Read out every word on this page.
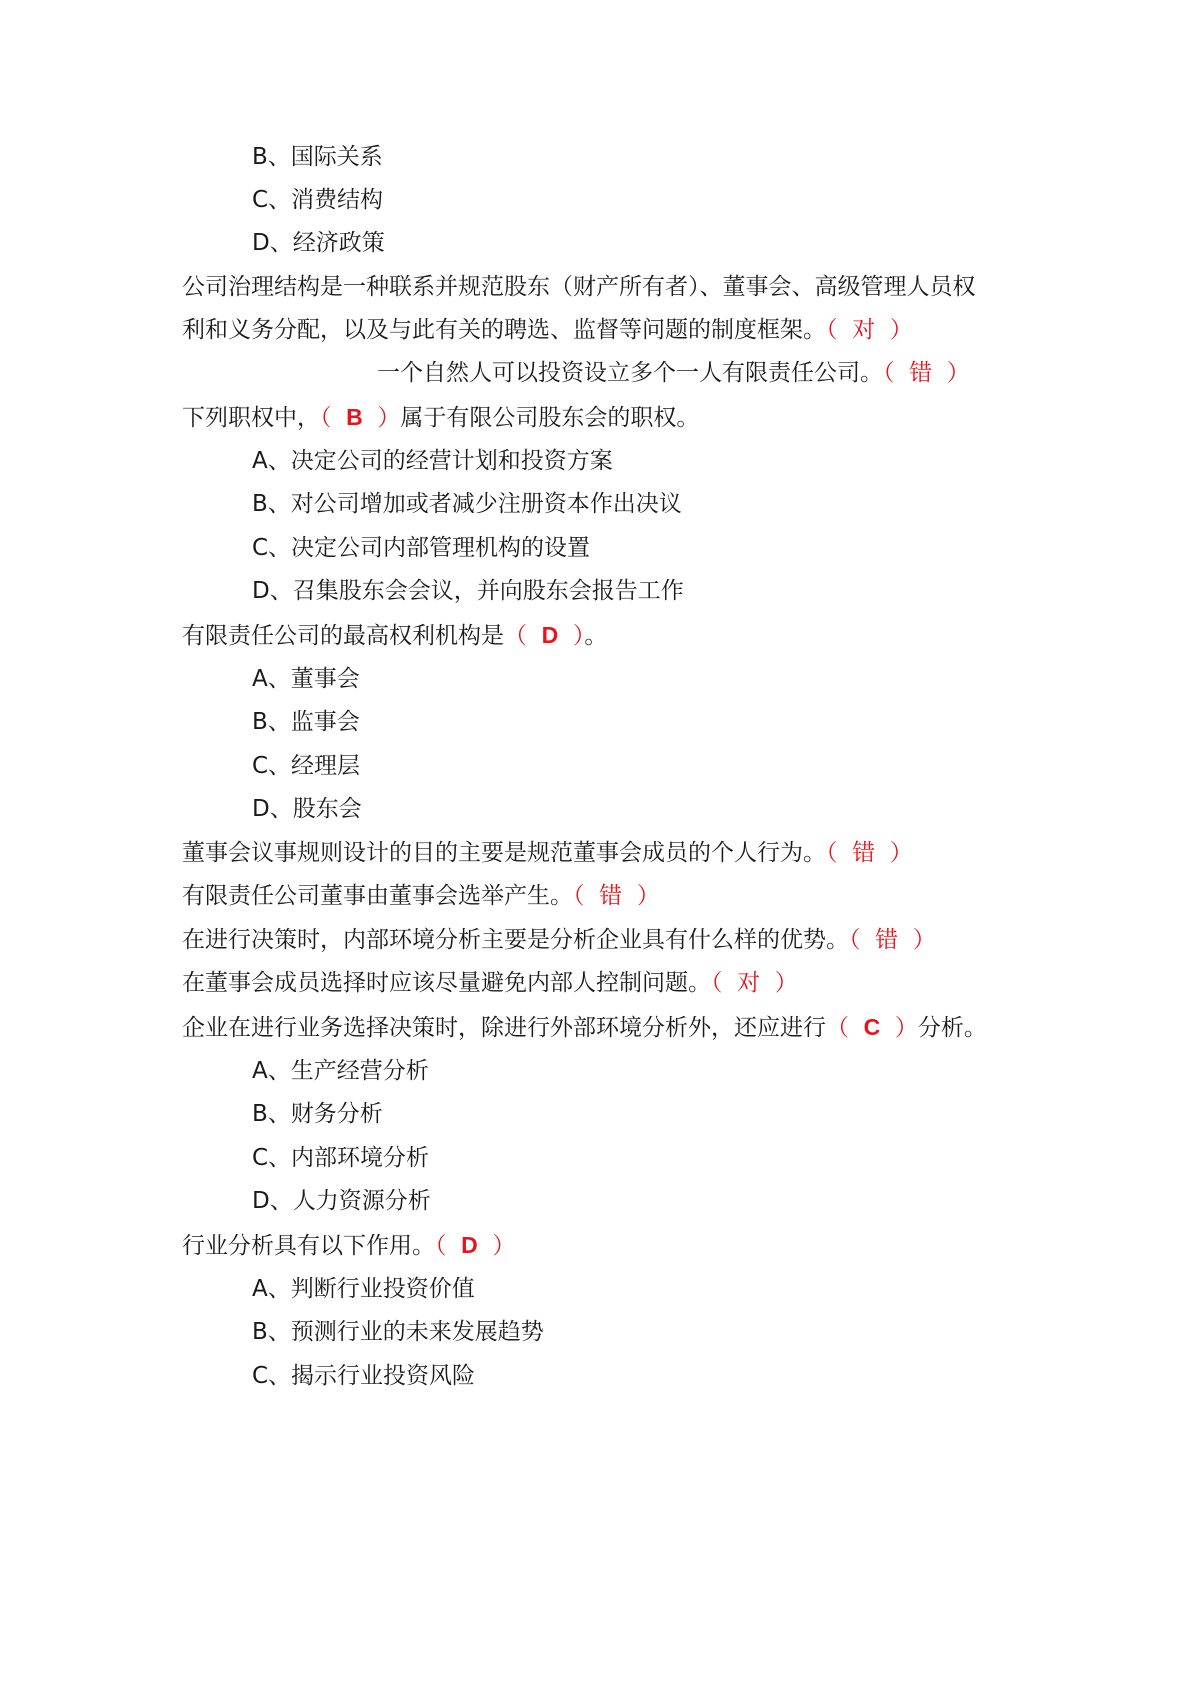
B、国际关系
C、消费结构
D、经济政策
公司治理结构是一种联系并规范股东（财产所有者）、董事会、高级管理人员权
利和义务分配，以及与此有关的聘选、监督等问题的制度框架。（ 对 ）
一个自然人可以投资设立多个一人有限责任公司。（ 错 ）
下列职权中，（ B ）属于有限公司股东会的职权。
A、决定公司的经营计划和投资方案
B、对公司增加或者减少注册资本作出决议
C、决定公司内部管理机构的设置
D、召集股东会会议，并向股东会报告工作
有限责任公司的最高权利机构是（ D ）。
A、董事会
B、监事会
C、经理层
D、股东会
董事会议事规则设计的目的主要是规范董事会成员的个人行为。（ 错 ）
有限责任公司董事由董事会选举产生。（ 错 ）
在进行决策时，内部环境分析主要是分析企业具有什么样的优势。（ 错 ）
在董事会成员选择时应该尽量避免内部人控制问题。（ 对 ）
企业在进行业务选择决策时，除进行外部环境分析外，还应进行（ C ）分析。
A、生产经营分析
B、财务分析
C、内部环境分析
D、人力资源分析
行业分析具有以下作用。（ D ）
A、判断行业投资价值
B、预测行业的未来发展趋势
C、揭示行业投资风险
